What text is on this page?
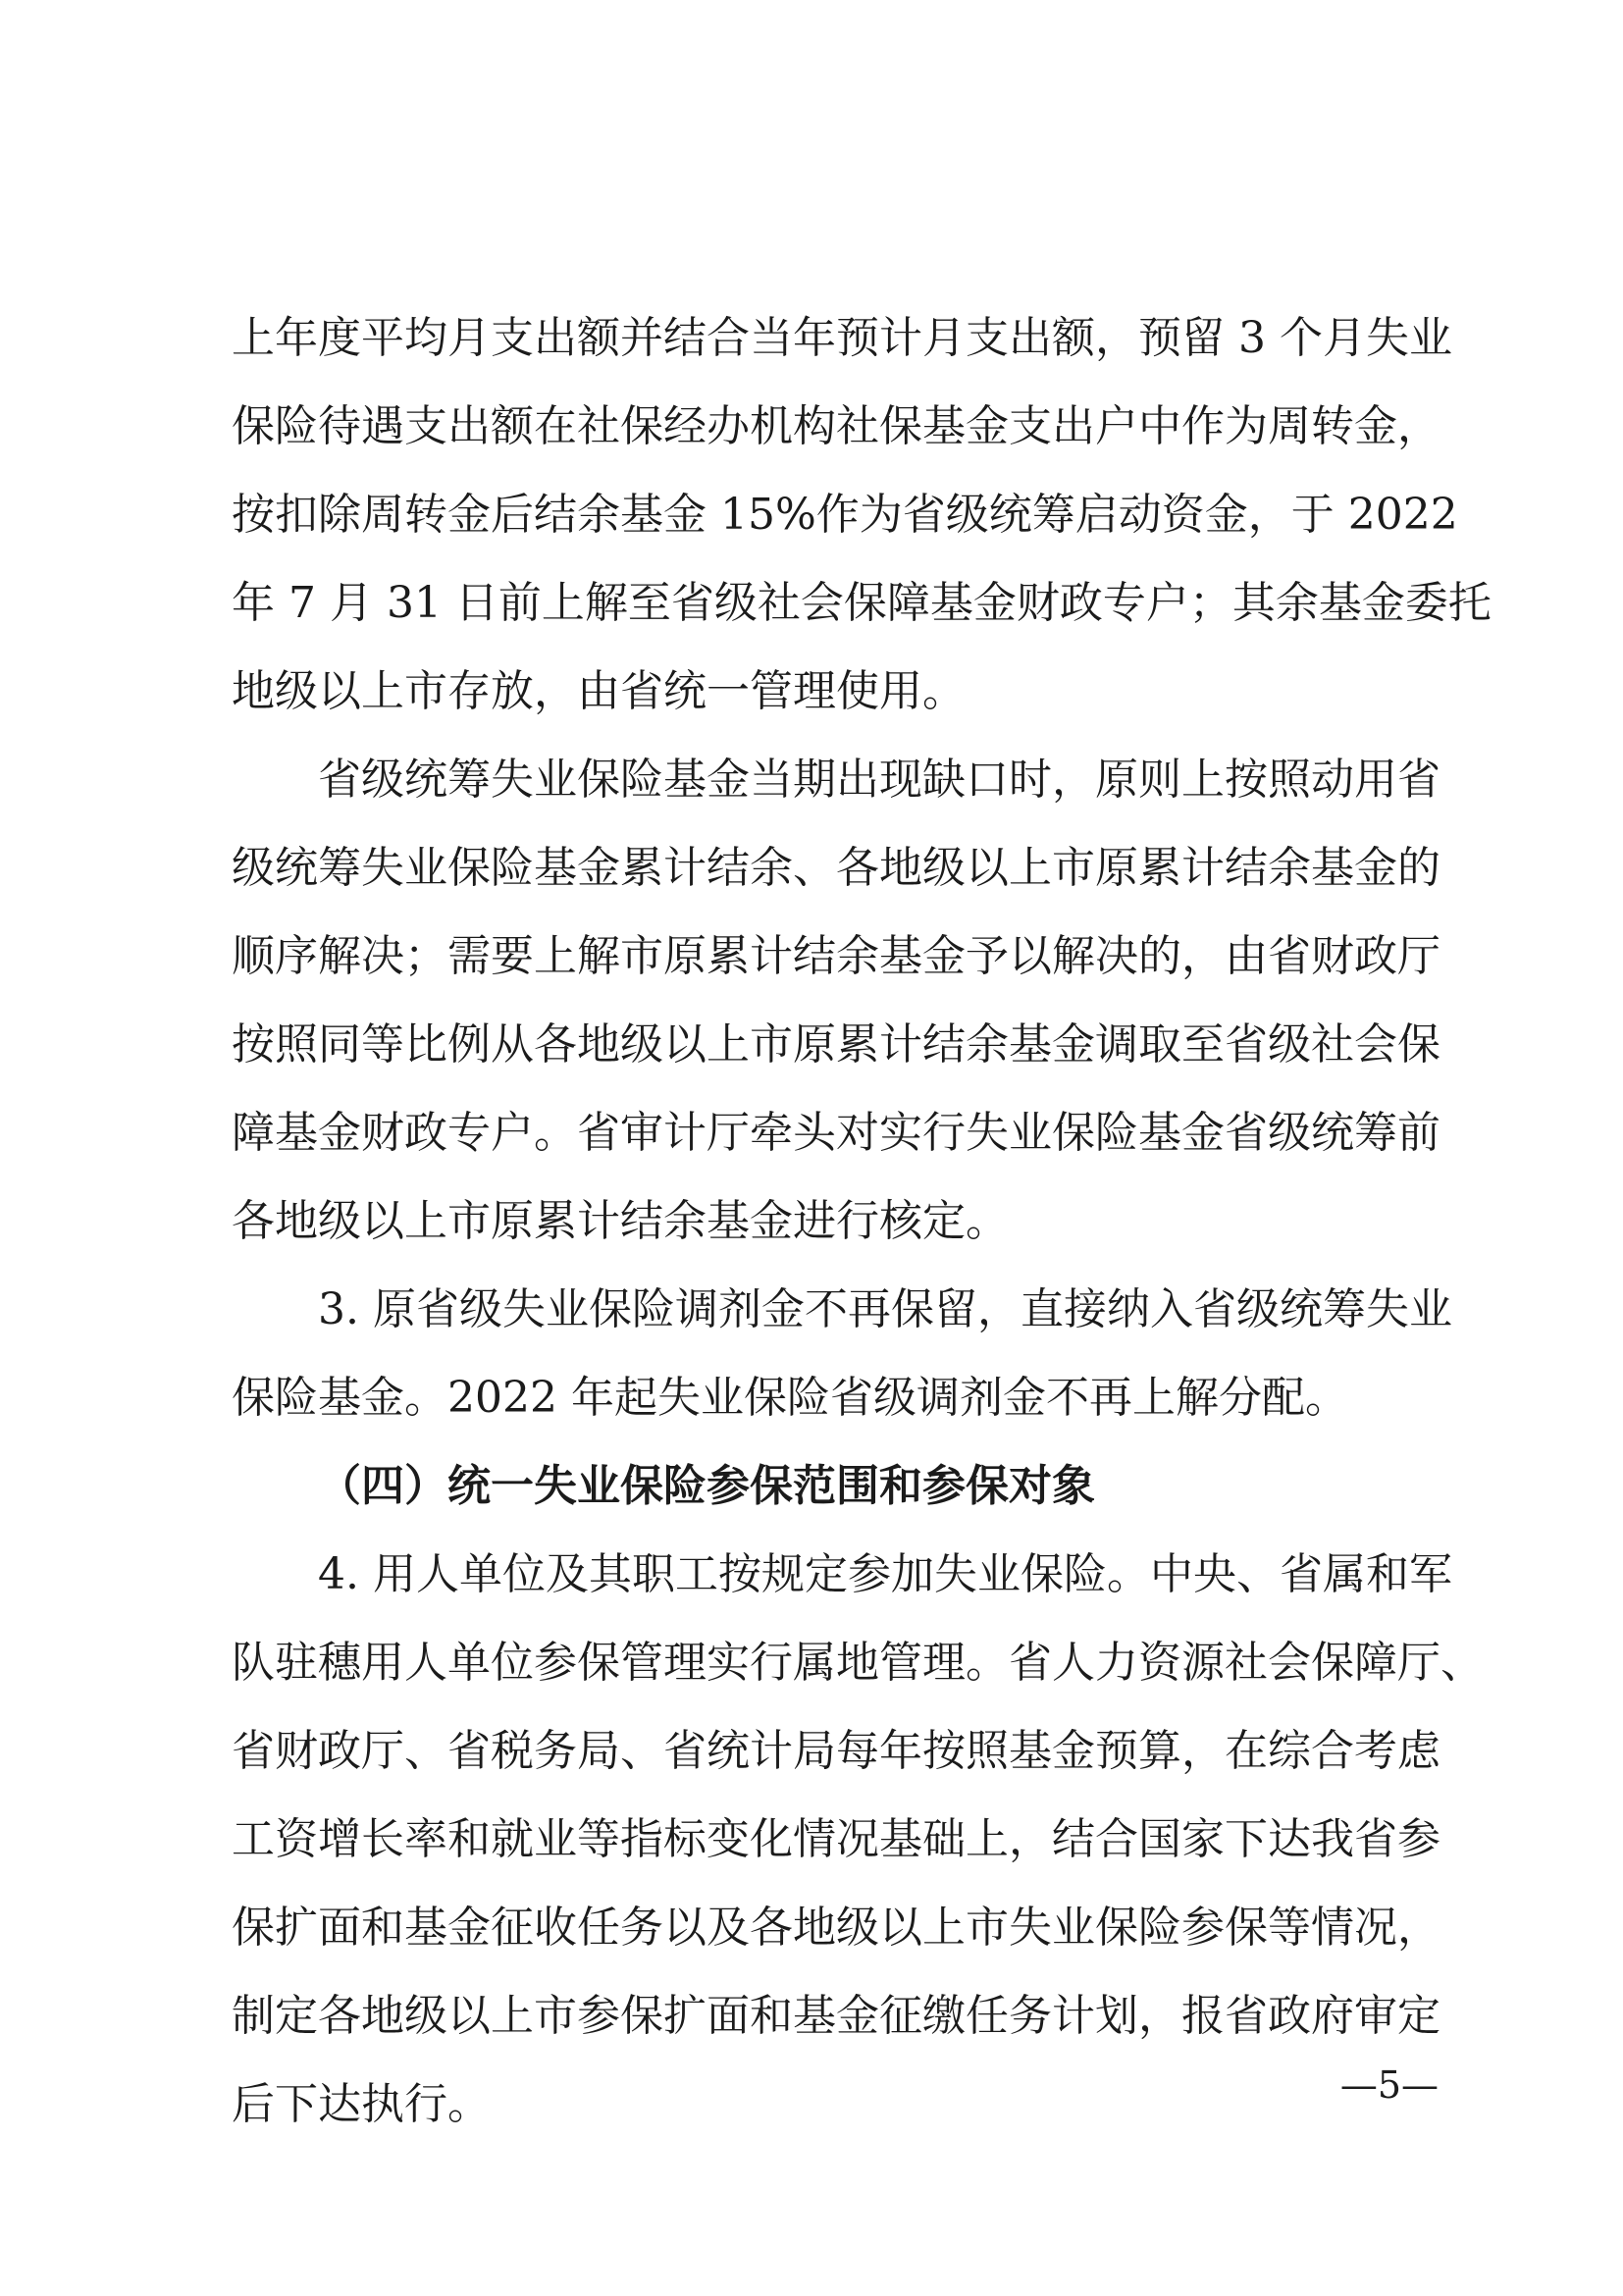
上年度平均月支出额并结合当年预计月支出额，预留 3 个月失业
保险待遇支出额在社保经办机构社保基金支出户中作为周转金，
按扣除周转金后结余基金 15%作为省级统筹启动资金，于 2022
年 7 月 31 日前上解至省级社会保障基金财政专户；其余基金委托
地级以上市存放，由省统一管理使用。
省级统筹失业保险基金当期出现缺口时，原则上按照动用省
级统筹失业保险基金累计结余、各地级以上市原累计结余基金的
顺序解决；需要上解市原累计结余基金予以解决的，由省财政厅
按照同等比例从各地级以上市原累计结余基金调取至省级社会保
障基金财政专户。省审计厅牵头对实行失业保险基金省级统筹前
各地级以上市原累计结余基金进行核定。
3. 原省级失业保险调剂金不再保留，直接纳入省级统筹失业
保险基金。2022 年起失业保险省级调剂金不再上解分配。
（四）统一失业保险参保范围和参保对象
4. 用人单位及其职工按规定参加失业保险。中央、省属和军
队驻穗用人单位参保管理实行属地管理。省人力资源社会保障厅、
省财政厅、省税务局、省统计局每年按照基金预算，在综合考虑
工资增长率和就业等指标变化情况基础上，结合国家下达我省参
保扩面和基金征收任务以及各地级以上市失业保险参保等情况，
制定各地级以上市参保扩面和基金征缴任务计划，报省政府审定
后下达执行。	—5—
